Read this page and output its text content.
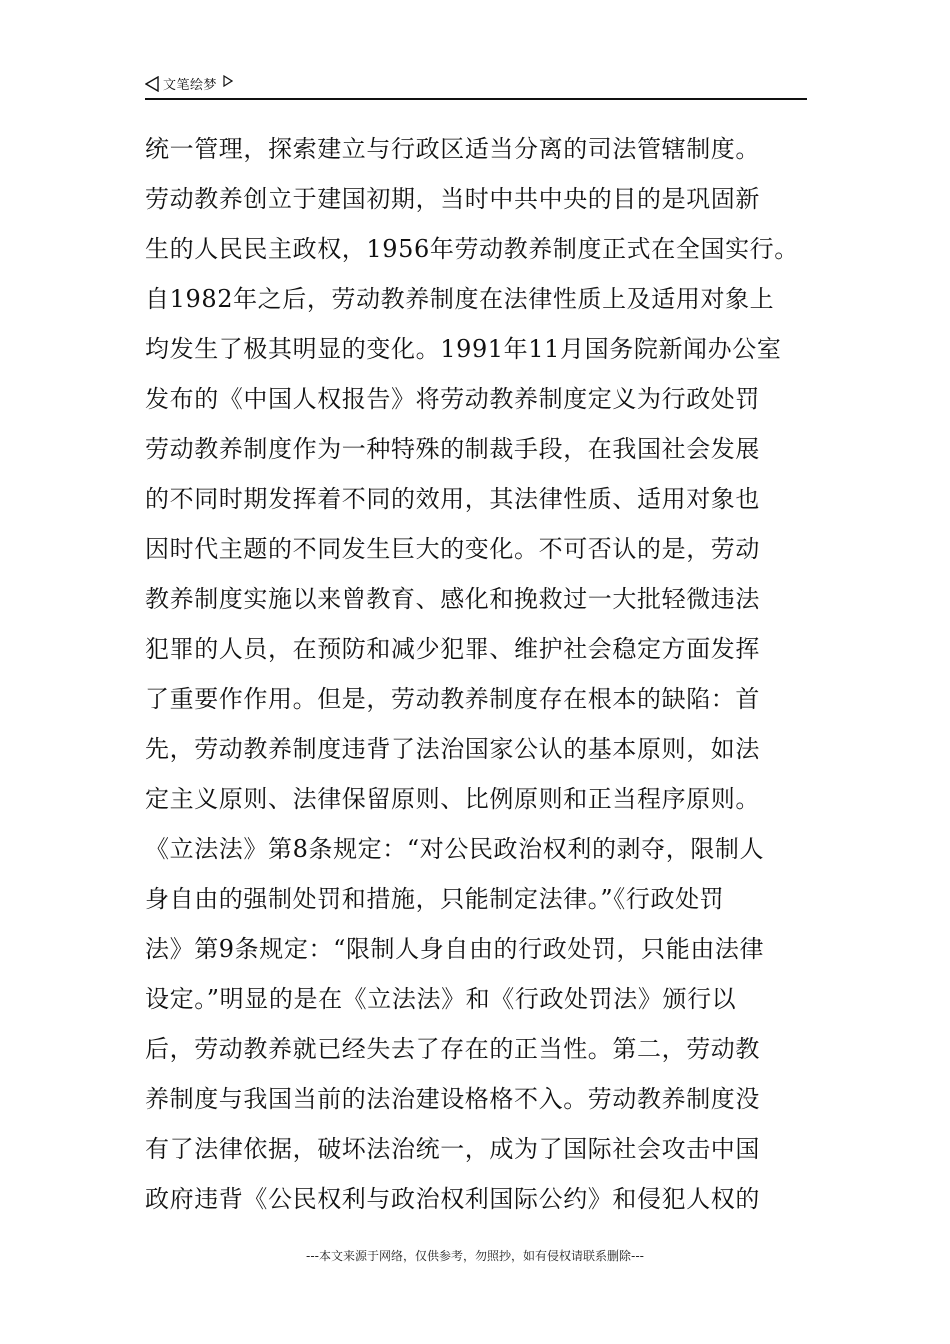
文笔绘梦
统一管理，探索建立与行政区适当分离的司法管辖制度。
劳动教养创立于建国初期，当时中共中央的目的是巩固新
生的人民民主政权，1956年劳动教养制度正式在全国实行。
自1982年之后，劳动教养制度在法律性质上及适用对象上
均发生了极其明显的变化。1991年11月国务院新闻办公室
发布的《中国人权报告》将劳动教养制度定义为行政处罚
劳动教养制度作为一种特殊的制裁手段，在我国社会发展
的不同时期发挥着不同的效用，其法律性质、适用对象也
因时代主题的不同发生巨大的变化。不可否认的是，劳动
教养制度实施以来曾教育、感化和挽救过一大批轻微违法
犯罪的人员，在预防和减少犯罪、维护社会稳定方面发挥
了重要作作用。但是，劳动教养制度存在根本的缺陷：首
先，劳动教养制度违背了法治国家公认的基本原则，如法
定主义原则、法律保留原则、比例原则和正当程序原则。
《立法法》第8条规定：“对公民政治权利的剥夺，限制人
身自由的强制处罚和措施，只能制定法律。”《行政处罚
法》第9条规定：“限制人身自由的行政处罚，只能由法律
设定。”明显的是在《立法法》和《行政处罚法》颁行以
后，劳动教养就已经失去了存在的正当性。第二，劳动教
养制度与我国当前的法治建设格格不入。劳动教养制度没
有了法律依据，破坏法治统一，成为了国际社会攻击中国
政府违背《公民权利与政治权利国际公约》和侵犯人权的
---本文来源于网络，仅供参考，勿照抄，如有侵权请联系删除---
